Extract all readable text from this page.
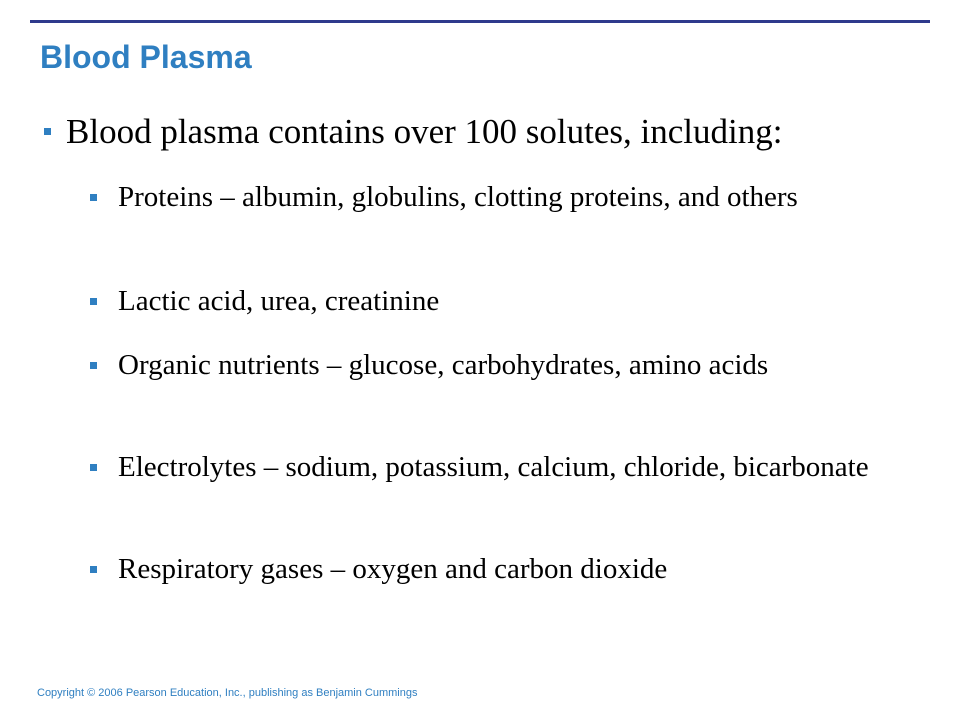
Blood Plasma
Blood plasma contains over 100 solutes, including:
Proteins – albumin, globulins, clotting proteins, and others
Lactic acid, urea, creatinine
Organic nutrients – glucose, carbohydrates, amino acids
Electrolytes – sodium, potassium, calcium, chloride, bicarbonate
Respiratory gases – oxygen and carbon dioxide
Copyright © 2006 Pearson Education, Inc., publishing as Benjamin Cummings
